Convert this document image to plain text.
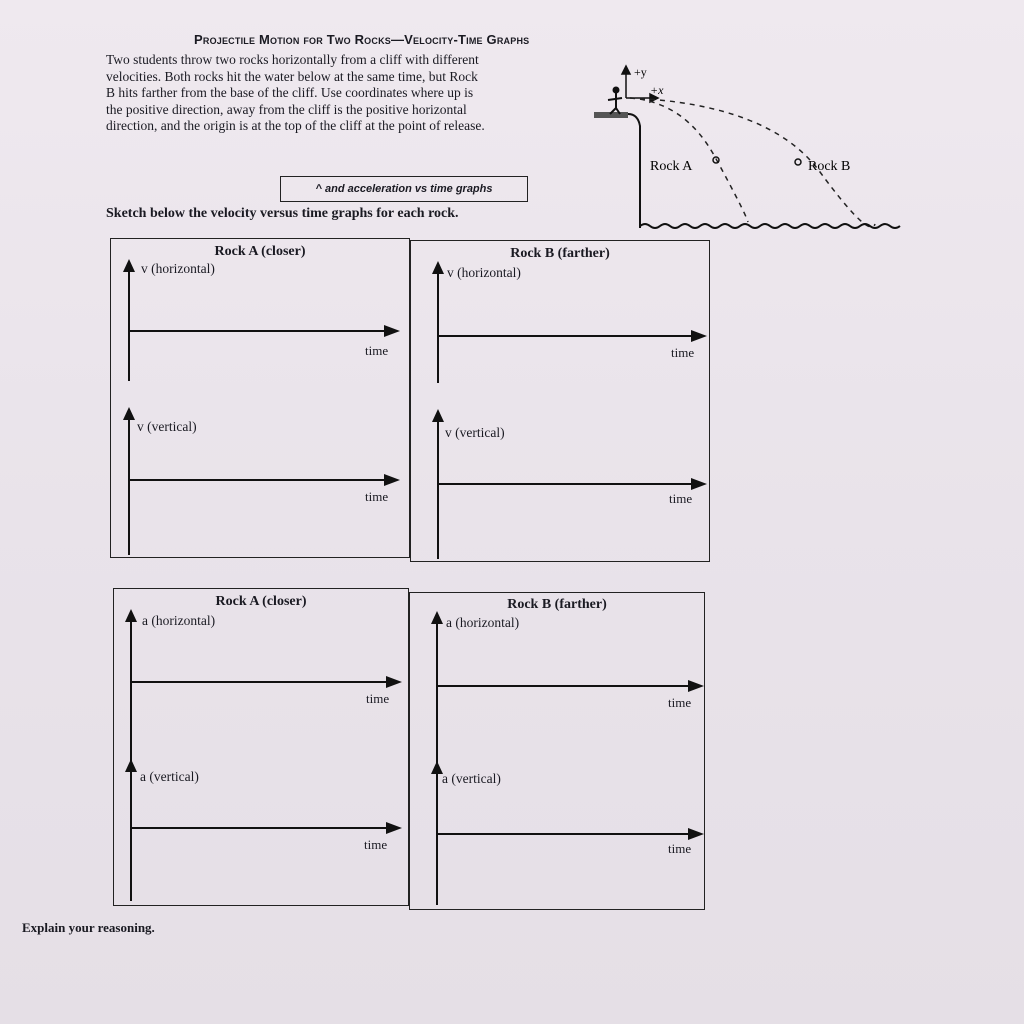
Projectile Motion for Two Rocks—Velocity-Time Graphs
Two students throw two rocks horizontally from a cliff with different
velocities. Both rocks hit the water below at the same time, but Rock
B hits farther from the base of the cliff. Use coordinates where up is
the positive direction, away from the cliff is the positive horizontal
direction, and the origin is at the top of the cliff at the point of release.
^ and acceleration vs time graphs
Sketch below the velocity versus time graphs for each rock.
+y
+x
Rock A	Rock B
Rock A (closer)
v (horizontal)
time
v (vertical)
time
Rock B (farther)
v (horizontal)
time
v (vertical)
time
Rock A (closer)
a (horizontal)
time
a (vertical)
time
Rock B (farther)
a (horizontal)
time
a (vertical)
time
Explain your reasoning.
